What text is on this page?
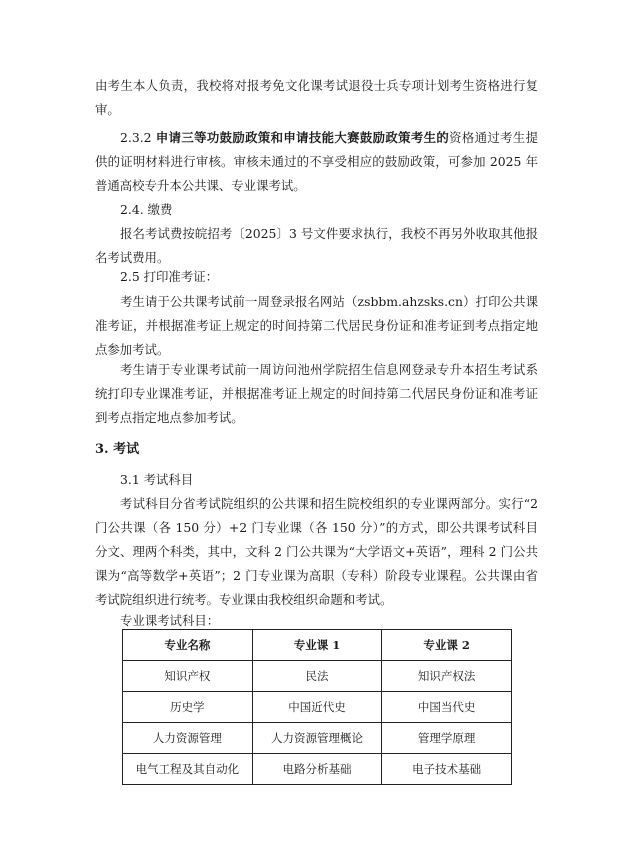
由考生本人负责，我校将对报考免文化课考试退役士兵专项计划考生资格进行复审。

2.3.2 申请三等功鼓励政策和申请技能大赛鼓励政策考生的资格通过考生提供的证明材料进行审核。审核未通过的不享受相应的鼓励政策，可参加 2025 年普通高校专升本公共课、专业课考试。

2.4. 缴费

报名考试费按皖招考〔2025〕3 号文件要求执行，我校不再另外收取其他报名考试费用。

2.5 打印准考证：

考生请于公共课考试前一周登录报名网站（zsbbm.ahzsks.cn）打印公共课准考证，并根据准考证上规定的时间持第二代居民身份证和准考证到考点指定地点参加考试。

考生请于专业课考试前一周访问池州学院招生信息网登录专升本招生考试系统打印专业课准考证，并根据准考证上规定的时间持第二代居民身份证和准考证到考点指定地点参加考试。

3. 考试

3.1 考试科目

考试科目分省考试院组织的公共课和招生院校组织的专业课两部分。实行“2 门公共课（各 150 分）+2 门专业课（各 150 分）”的方式，即公共课考试科目分文、理两个科类，其中，文科 2 门公共课为“大学语文+英语”，理科 2 门公共课为“高等数学+英语”；2 门专业课为高职（专科）阶段专业课程。公共课由省考试院组织进行统考。专业课由我校组织命题和考试。

专业课考试科目：

专业名称	专业课 1	专业课 2
知识产权	民法	知识产权法
历史学	中国近代史	中国当代史
人力资源管理	人力资源管理概论	管理学原理
电气工程及其自动化	电路分析基础	电子技术基础
